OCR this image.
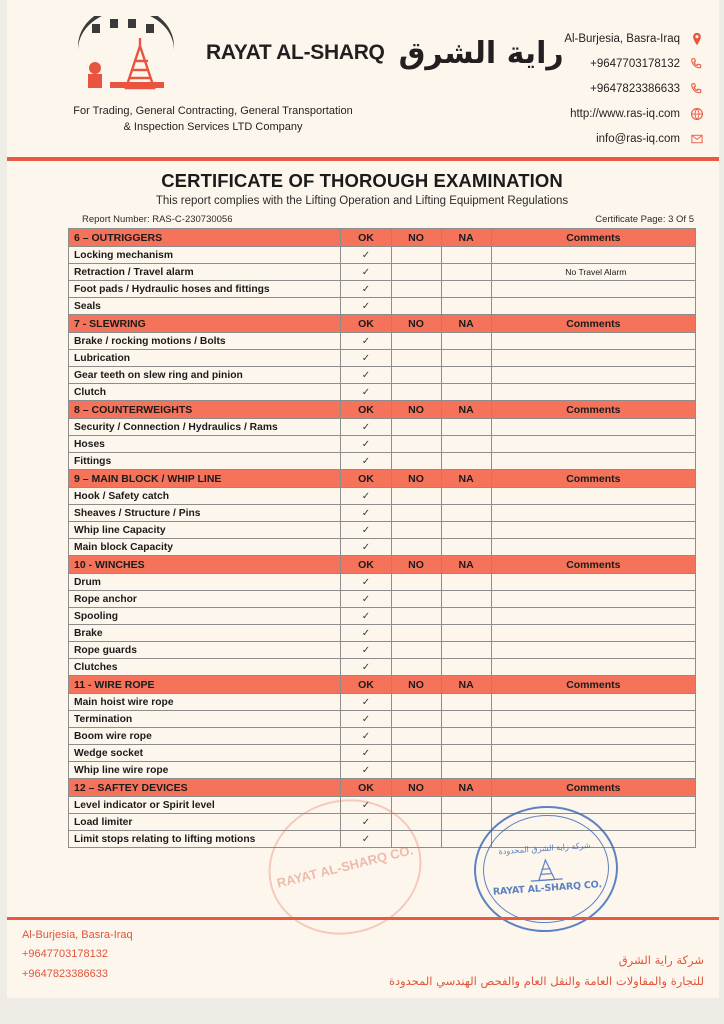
RAYAT AL-SHARQ راية الشرق
For Trading, General Contracting, General Transportation
& Inspection Services LTD Company
Al-Burjesia, Basra-Iraq
+9647703178132
+9647823386633
http://www.ras-iq.com
info@ras-iq.com
CERTIFICATE OF THOROUGH EXAMINATION
This report complies with the Lifting Operation and Lifting Equipment Regulations
Report Number: RAS-C-230730056	Certificate Page: 3 Of 5
6 – OUTRIGGERS	OK	NO	NA	Comments
Locking mechanism	✓			
Retraction / Travel alarm	✓			No Travel Alarm
Foot pads / Hydraulic hoses and fittings	✓			
Seals	✓			
7 - SLEWRING	OK	NO	NA	Comments
Brake / rocking motions / Bolts	✓			
Lubrication	✓			
Gear teeth on slew ring and pinion	✓			
Clutch	✓			
8 – COUNTERWEIGHTS	OK	NO	NA	Comments
Security / Connection / Hydraulics / Rams	✓			
Hoses	✓			
Fittings	✓			
9 – MAIN BLOCK / WHIP LINE	OK	NO	NA	Comments
Hook / Safety catch	✓			
Sheaves / Structure / Pins	✓			
Whip line Capacity	✓			
Main block Capacity	✓			
10 - WINCHES	OK	NO	NA	Comments
Drum	✓			
Rope anchor	✓			
Spooling	✓			
Brake	✓			
Rope guards	✓			
Clutches	✓			
11 - WIRE ROPE	OK	NO	NA	Comments
Main hoist wire rope	✓			
Termination	✓			
Boom wire rope	✓			
Wedge socket	✓			
Whip line wire rope	✓			
12 – SAFTEY DEVICES	OK	NO	NA	Comments
Level indicator or Spirit level	✓			
Load limiter	✓			
Limit stops relating to lifting motions	✓			
RAYAT AL-SHARQ CO.	شركة راية الشرق المحدودة
RAYAT AL-SHARQ CO.
Al-Burjesia, Basra-Iraq
+9647703178132
+9647823386633
شركة راية الشرق
للتجارة والمقاولات العامة والنقل العام والفحص الهندسي المحدودة
